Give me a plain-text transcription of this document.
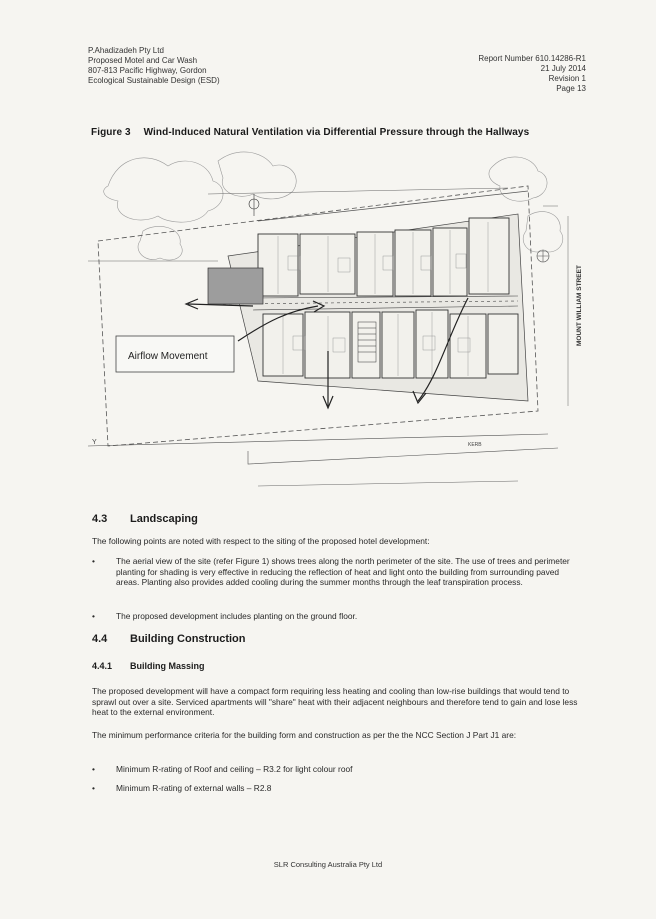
P.Ahadizadeh Pty Ltd
Proposed Motel and Car Wash
807-813 Pacific Highway, Gordon
Ecological Sustainable Design (ESD)
Report Number 610.14286-R1
21 July 2014
Revision 1
Page 13
Figure 3 Wind-Induced Natural Ventilation via Differential Pressure through the Hallways
KERB
Y
MOUNT WILLIAM STREET
Airflow Movement
4.3 Landscaping
The following points are noted with respect to the siting of the proposed hotel development:
•	The aerial view of the site (refer Figure 1) shows trees along the north perimeter of the site. The use of trees and perimeter planting for shading is very effective in reducing the reflection of heat and light onto the building from surrounding paved areas. Planting also provides added cooling during the summer months through the leaf transpiration process.
•	The proposed development includes planting on the ground floor.
4.4 Building Construction
4.4.1 Building Massing
The proposed development will have a compact form requiring less heating and cooling than low-rise buildings that would tend to sprawl out over a site. Serviced apartments will "share" heat with their adjacent neighbours and therefore tend to gain and lose less heat to the external environment.
The minimum performance criteria for the building form and construction as per the the NCC Section J Part J1 are:
•	Minimum R-rating of Roof and ceiling – R3.2 for light colour roof
•	Minimum R-rating of external walls – R2.8
SLR Consulting Australia Pty Ltd
